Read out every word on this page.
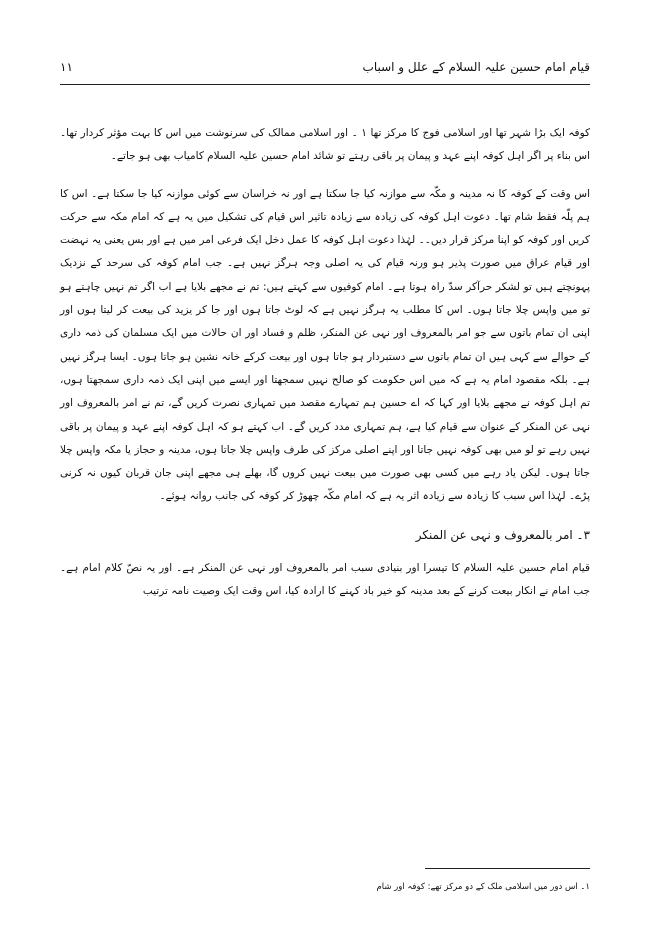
قیام امام حسین علیہ السلام کے علل و اسباب
۱۱

کوفہ ایک بڑا شہر تھا اور اسلامی فوج کا مرکز تھا ۱ ۔ اور اسلامی ممالک کی سرنوشت میں اس کا بہت مؤثر کردار تھا۔ اس بناء پر اگر اہل کوفہ اپنے عہد و پیمان پر باقی رہتے تو شائد امام حسین علیہ السلام کامیاب بھی ہو جاتے۔

اس وقت کے کوفہ کا نہ مدینہ و مکّہ سے موازنہ کیا جا سکتا ہے اور نہ خراسان سے کوئی موازنہ کیا جا سکتا ہے۔ اس کا ہم پلّہ فقط شام تھا۔ دعوت اہل کوفہ کی زیادہ سے زیادہ تاثیر اس قیام کی تشکیل میں یہ ہے کہ امام مکہ سے حرکت کریں اور کوفہ کو اپنا مرکز قرار دیں۔۔ لہٰذا دعوت اہل کوفہ کا عمل دخل ایک فرعی امر میں ہے اور بس یعنی یہ نہضت اور قیام عراق میں صورت پذیر ہو ورنہ قیام کی یہ اصلی وجہ ہرگز نہیں ہے۔ جب امام کوفہ کی سرحد کے نزدیک پہونچتے ہیں تو لشکر حرآکر سدّ راہ ہوتا ہے۔ امام کوفیوں سے کہتے ہیں: تم نے مجھے بلایا ہے اب اگر تم نہیں چاہتے ہو تو میں واپس چلا جاتا ہوں۔ اس کا مطلب یہ ہرگز نہیں ہے کہ لوٹ جاتا ہوں اور جا کر یزید کی بیعت کر لیتا ہوں اور اپنی ان تمام باتوں سے جو امر بالمعروف اور نہی عن المنکر، ظلم و فساد اور ان حالات میں ایک مسلمان کی ذمہ داری کے حوالے سے کہی ہیں ان تمام باتوں سے دستبردار ہو جاتا ہوں اور بیعت کرکے خانہ نشین ہو جاتا ہوں۔ ایسا ہرگز نہیں ہے۔ بلکہ مقصود امام یہ ہے کہ میں اس حکومت کو صالح نہیں سمجھتا اور ایسے میں اپنی ایک ذمہ داری سمجھتا ہوں، تم اہل کوفہ نے مجھے بلایا اور کہا کہ اے حسین ہم تمہارے مقصد میں تمہاری نصرت کریں گے، تم نے امر بالمعروف اور نہی عن المنکر کے عنوان سے قیام کیا ہے، ہم تمہاری مدد کریں گے۔ اب کہتے ہو کہ اہل کوفہ اپنے عہد و پیمان پر باقی نہیں رہے تو لو میں بھی کوفہ نہیں جاتا اور اپنے اصلی مرکز کی طرف واپس چلا جاتا ہوں، مدینہ و حجاز یا مکہ واپس چلا جاتا ہوں۔ لیکن یاد رہے میں کسی بھی صورت میں بیعت نہیں کروں گا، بھلے ہی مجھے اپنی جان قربان کیوں نہ کرنی پڑے۔ لہٰذا اس سبب کا زیادہ سے زیادہ اثر یہ ہے کہ امام مکّہ چھوڑ کر کوفہ کی جانب روانہ ہوئے۔

۳۔ امر بالمعروف و نہی عن المنکر

قیام امام حسین علیہ السلام کا تیسرا اور بنیادی سبب امر بالمعروف اور نہی عن المنکر ہے۔ اور یہ نصّ کلام امام ہے۔ جب امام نے انکار بیعت کرنے کے بعد مدینہ کو خیر باد کہنے کا ارادہ کیا، اس وقت ایک وصیت نامہ ترتیب

۱۔ اس دور میں اسلامی ملک کے دو مرکز تھے: کوفہ اور شام
